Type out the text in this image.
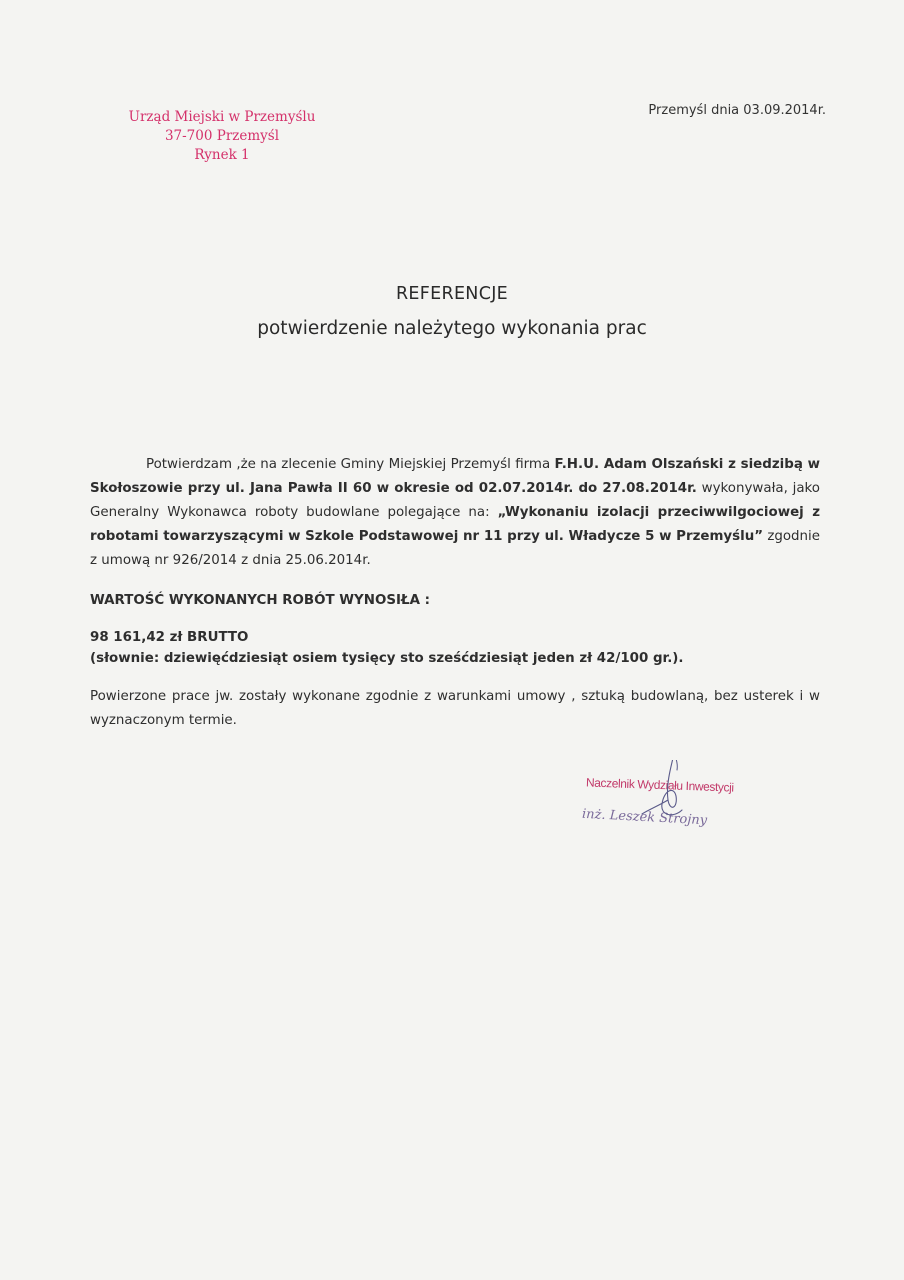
Urząd Miejski w Przemyślu
37-700 Przemyśl
Rynek 1
Przemyśl dnia 03.09.2014r.
REFERENCJE
potwierdzenie należytego wykonania prac

Potwierdzam ,że na zlecenie Gminy Miejskiej Przemyśl firma F.H.U. Adam Olszański z siedzibą w Skołoszowie przy ul. Jana Pawła II 60 w okresie od 02.07.2014r. do 27.08.2014r. wykonywała, jako Generalny Wykonawca roboty budowlane polegające na: „Wykonaniu izolacji przeciwwilgociowej z robotami towarzyszącymi w Szkole Podstawowej nr 11 przy ul. Władycze 5 w Przemyślu” zgodnie z umową nr 926/2014 z dnia 25.06.2014r.

WARTOŚĆ WYKONANYCH ROBÓT WYNOSIŁA :

98 161,42 zł BRUTTO
(słownie: dziewięćdziesiąt osiem tysięcy sto sześćdziesiąt jeden zł 42/100 gr.).

Powierzone prace jw. zostały wykonane zgodnie z warunkami umowy , sztuką budowlaną, bez usterek i w wyznaczonym termie.

Naczelnik Wydziału Inwestycji
inż. Leszek Strojny
